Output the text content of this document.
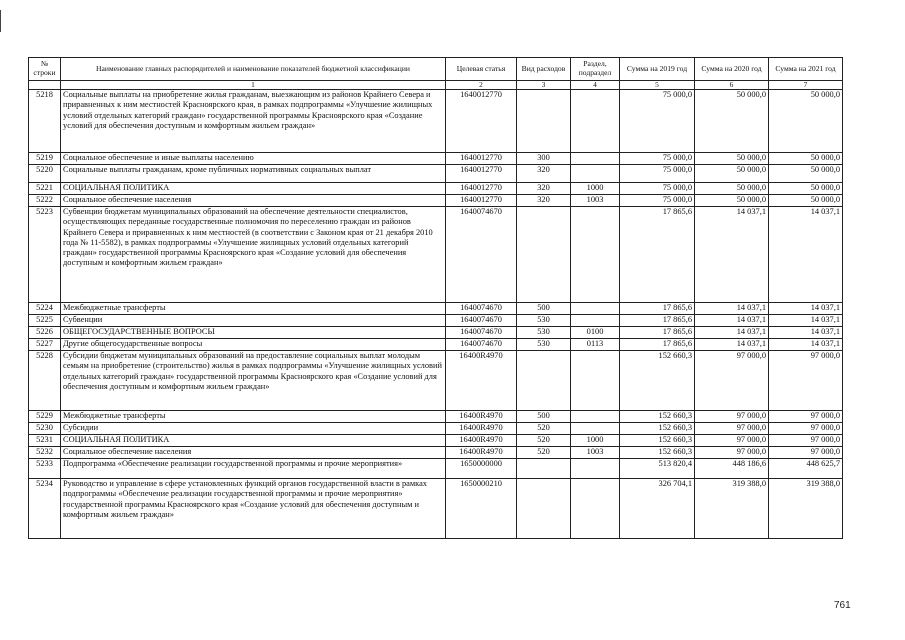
№ строки	Наименование главных распорядителей и наименование показателей бюджетной классификации	Целевая статья	Вид расходов	Раздел, подраздел	Сумма на 2019 год	Сумма на 2020 год	Сумма на 2021 год
	1	2	3	4	5	6	7
5218	Социальные выплаты на приобретение жилья гражданам, выезжающим из районов Крайнего Севера и приравненных к ним местностей Красноярского края, в рамках подпрограммы «Улучшение жилищных условий отдельных категорий граждан» государственной программы Красноярского края «Создание условий для обеспечения доступным и комфортным жильем граждан»	1640012770			75 000,0	50 000,0	50 000,0
5219	Социальное обеспечение и иные выплаты населению	1640012770	300		75 000,0	50 000,0	50 000,0
5220	Социальные выплаты гражданам, кроме публичных нормативных социальных выплат	1640012770	320		75 000,0	50 000,0	50 000,0
5221	СОЦИАЛЬНАЯ ПОЛИТИКА	1640012770	320	1000	75 000,0	50 000,0	50 000,0
5222	Социальное обеспечение населения	1640012770	320	1003	75 000,0	50 000,0	50 000,0
5223	Субвенции бюджетам муниципальных образований на обеспечение деятельности специалистов, осуществляющих переданные государственные полномочия по переселению граждан из районов Крайнего Севера и приравненных к ним местностей (в соответствии с Законом края от 21 декабря 2010 года № 11-5582), в рамках подпрограммы «Улучшение жилищных условий отдельных категорий граждан» государственной программы Красноярского края «Создание условий для обеспечения доступным и комфортным жильем граждан»	1640074670			17 865,6	14 037,1	14 037,1
5224	Межбюджетные трансферты	1640074670	500		17 865,6	14 037,1	14 037,1
5225	Субвенции	1640074670	530		17 865,6	14 037,1	14 037,1
5226	ОБЩЕГОСУДАРСТВЕННЫЕ ВОПРОСЫ	1640074670	530	0100	17 865,6	14 037,1	14 037,1
5227	Другие общегосударственные вопросы	1640074670	530	0113	17 865,6	14 037,1	14 037,1
5228	Субсидии бюджетам муниципальных образований на предоставление социальных выплат молодым семьям на приобретение (строительство) жилья в рамках подпрограммы «Улучшение жилищных условий отдельных категорий граждан» государственной программы Красноярского края «Создание условий для обеспечения доступным и комфортным жильем граждан»	16400R4970			152 660,3	97 000,0	97 000,0
5229	Межбюджетные трансферты	16400R4970	500		152 660,3	97 000,0	97 000,0
5230	Субсидии	16400R4970	520		152 660,3	97 000,0	97 000,0
5231	СОЦИАЛЬНАЯ ПОЛИТИКА	16400R4970	520	1000	152 660,3	97 000,0	97 000,0
5232	Социальное обеспечение населения	16400R4970	520	1003	152 660,3	97 000,0	97 000,0
5233	Подпрограмма «Обеспечение реализации государственной программы и прочие мероприятия»	1650000000			513 820,4	448 186,6	448 625,7
5234	Руководство и управление в сфере установленных функций органов государственной власти в рамках подпрограммы «Обеспечение реализации государственной программы и прочие мероприятия» государственной программы Красноярского края «Создание условий для обеспечения доступным и комфортным жильем граждан»	1650000210			326 704,1	319 388,0	319 388,0
761
